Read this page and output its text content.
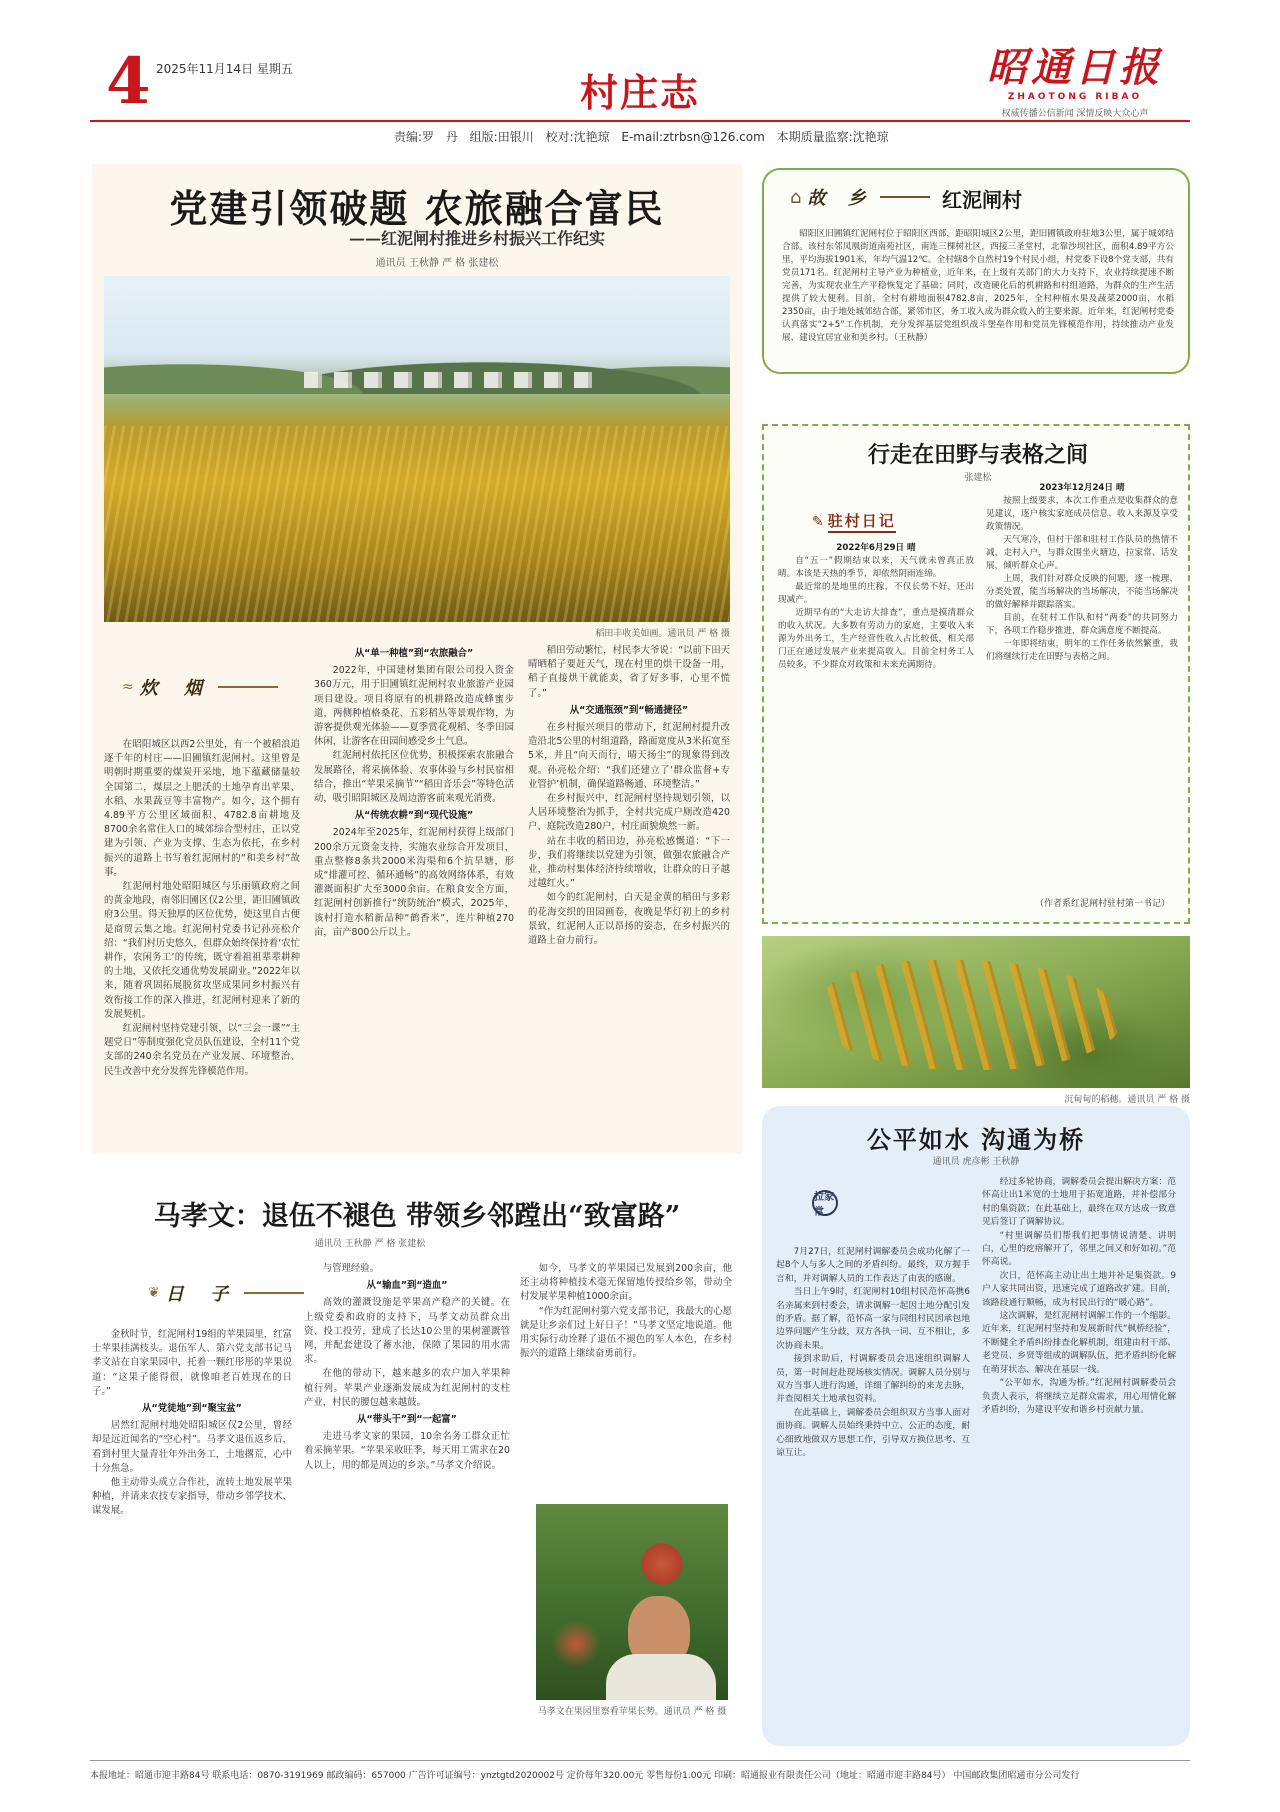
4 2025年11月14日 星期五
村庄志
昭通日报
ZHAOTONG RIBAO
权威传播公信新闻 深情反映大众心声
责编:罗 丹 组版:田银川 校对:沈艳琼 E-mail:ztrbsn@126.com 本期质量监察:沈艳琼
党建引领破题 农旅融合富民
——红泥闸村推进乡村振兴工作纪实
通讯员 王秋静 严 格 张建松
稻田丰收美如画。通讯员 严 格 摄
≈ 炊 烟

在昭阳城区以西2公里处，有一个被稻浪追逐千年的村庄——旧圃镇红泥闸村。这里曾是明朝时期重要的煤炭开采地，地下蕴藏储量较全国第二，煤层之上肥沃的土地孕育出苹果、水稻、水果蔬豆等丰富物产。如今，这个拥有4.89平方公里区域面积、4782.8亩耕地及8700余名常住人口的城郊综合型村庄，正以党建为引领、产业为支撑、生态为依托，在乡村振兴的道路上书写着红泥闸村的“和美乡村”故事。

红泥闸村地处昭阳城区与乐丽镇政府之间的黄金地段，南邻旧圃区仅2公里，距旧圃镇政府3公里。得天独厚的区位优势，使这里自古便是商贸云集之地。红泥闸村党委书记孙亮松介绍：“我们村历史悠久，但群众始终保持着‘农忙耕作，农闲务工’的传统，既守着祖祖辈辈耕种的土地，又依托交通优势发展副业。”2022年以来，随着巩固拓展脱贫攻坚成果同乡村振兴有效衔接工作的深入推进，红泥闸村迎来了新的发展契机。

红泥闸村坚持党建引领，以“三会一课”“主题党日”等制度强化党员队伍建设，全村11个党支部的240余名党员在产业发展、环境整治、民生改善中充分发挥先锋模范作用。

从“单一种植”到“农旅融合”

2022年，中国建材集团有限公司投入资金360万元，用于旧圃镇红泥闸村农业旅游产业园项目建设。项目将原有的机耕路改造成蜂蜜步道，两侧种植格桑花、五彩稻丛等景观作物，为游客提供观光体验——夏季赏花观稻、冬季田园休闲，让游客在田园间感受乡土气息。

红泥闸村依托区位优势，积极探索农旅融合发展路径，将采摘体验、农事体验与乡村民宿相结合，推出“苹果采摘节”“稻田音乐会”等特色活动，吸引昭阳城区及周边游客前来观光消费。

从“传统农耕”到“现代设施”

2024年至2025年，红泥闸村获得上级部门200余万元资金支持，实施农业综合开发项目，重点整修8条共2000米沟渠和6个抗旱塘，形成“排灌可控、循环通畅”的高效网络体系，有效灌溉面积扩大至3000余亩。在粮食安全方面，红泥闸村创新推行“统防统治”模式，2025年，该村打造水稻新品种“鹤香米”，连片种植270亩，亩产800公斤以上。

稻田劳动繁忙，村民李大爷说：“以前下田天晴晒稻子要赶天气，现在村里的烘干设备一用，稻子直接烘干就能卖，省了好多事，心里不慌了。”

从“交通瓶颈”到“畅通捷径”

在乡村振兴项目的带动下，红泥闸村提升改造沿北5公里的村组道路，路面宽度从3米拓宽至5米，并且“向天而行，晴天扬尘”的现象得到改观。孙亮松介绍：“我们还建立了‘群众监督+专业管护’机制，确保道路畅通、环境整洁。”

在乡村振兴中，红泥闸村坚持规划引领，以人居环境整治为抓手，全村共完成户厕改造420户、庭院改造280户，村庄面貌焕然一新。

站在丰收的稻田边，孙亮松感慨道：“下一步，我们将继续以党建为引领，做强农旅融合产业，推动村集体经济持续增收，让群众的日子越过越红火。”

如今的红泥闸村，白天是金黄的稻田与多彩的花海交织的田园画卷，夜晚是华灯初上的乡村景致，红泥闸人正以昂扬的姿态，在乡村振兴的道路上奋力前行。

⌂ 故 乡	红泥闸村

昭阳区旧圃镇红泥闸村位于昭阳区西部，距昭阳城区2公里，距旧圃镇政府驻地3公里，属于城郊结合部。该村东邻凤凰街道南苑社区，南连三棵树社区，西接三圣堂村，北靠沙坝社区，面积4.89平方公里，平均海拔1901米，年均气温12℃。全村辖8个自然村19个村民小组，村党委下设8个党支部，共有党员171名。红泥闸村主导产业为种植业，近年来，在上级有关部门的大力支持下，农业持续提速不断完善，为实现农业生产平稳恢复定了基础；同时，改造硬化后的机耕路和村组道路，为群众的生产生活提供了较大便利。目前，全村有耕地面积4782.8亩，2025年，全村种植水果及蔬菜2000亩，水稻2350亩，由于地处城郊结合部，紧邻市区，务工收入成为群众收入的主要来源。近年来，红泥闸村党委认真落实“2+5”工作机制，充分发挥基层党组织战斗堡垒作用和党员先锋模范作用，持续推动产业发展、建设宜居宜业和美乡村。（王秋静）

行走在田野与表格之间
张建松
✎ 驻村日记

2022年6月29日 晴

自“五一”假期结束以来，天气就未曾真正放晴。本该是天热的季节，却依然阴雨连绵。

最近常的是地里的庄稼，不仅长势不好，还出现减产。

近期早有的“大走访大排查”，重点是摸清群众的收入状况。大多数有劳动力的家庭，主要收入来源为外出务工，生产经营性收入占比较低，相关部门正在通过发展产业来提高收入。目前全村务工人员较多，不少群众对政策和未来充满期待。

2023年12月24日 晴

按照上级要求，本次工作重点是收集群众的意见建议，逐户核实家庭成员信息、收入来源及享受政策情况。

天气寒冷，但村干部和驻村工作队员的热情不减，走村入户，与群众围坐火塘边，拉家常、话发展，倾听群众心声。

上周，我们针对群众反映的问题，逐一梳理、分类处置，能当场解决的当场解决，不能当场解决的做好解释并跟踪落实。

目前，在驻村工作队和村“两委”的共同努力下，各项工作稳步推进，群众满意度不断提高。

一年即将结束，明年的工作任务依然繁重，我们将继续行走在田野与表格之间。

（作者系红泥闸村驻村第一书记）
沉甸甸的稻穗。通讯员 严 格 摄
公平如水 沟通为桥
通讯员 虎彦彬 王秋静
拉家常

7月27日，红泥闸村调解委员会成功化解了一起8个人与多人之间的矛盾纠纷。最终，双方握手言和，并对调解人员的工作表达了由衷的感谢。

当日上午9时，红泥闸村10组村民范怀高携6名亲属来到村委会，请求调解一起因土地分配引发的矛盾。据了解，范怀高一家与同组村民因承包地边界问题产生分歧，双方各执一词、互不相让，多次协商未果。

接到求助后，村调解委员会迅速组织调解人员，第一时间赶赴现场核实情况。调解人员分别与双方当事人进行沟通，详细了解纠纷的来龙去脉，并查阅相关土地承包资料。

在此基础上，调解委员会组织双方当事人面对面协商。调解人员始终秉持中立、公正的态度，耐心细致地做双方思想工作，引导双方换位思考、互谅互让。

经过多轮协商，调解委员会提出解决方案：范怀高让出1米宽的土地用于拓宽道路，并补偿部分村的集资款；在此基础上，最终在双方达成一致意见后签订了调解协议。

“村里调解员们帮我们把事情说清楚、讲明白，心里的疙瘩解开了，邻里之间又和好如初。”范怀高说。

次日，范怀高主动让出土地并补足集资款。9户人家共同出资，迅速完成了道路改扩建。目前，该路段通行顺畅，成为村民出行的“暖心路”。

这次调解，是红泥闸村调解工作的一个缩影。近年来，红泥闸村坚持和发展新时代“枫桥经验”，不断健全矛盾纠纷排查化解机制，组建由村干部、老党员、乡贤等组成的调解队伍，把矛盾纠纷化解在萌芽状态、解决在基层一线。

“公平如水，沟通为桥。”红泥闸村调解委员会负责人表示，将继续立足群众需求，用心用情化解矛盾纠纷，为建设平安和谐乡村贡献力量。

马孝文：退伍不褪色 带领乡邻蹚出“致富路”
通讯员 王秋静 严 格 张建松
❦ 日 子

金秋时节，红泥闸村19组的苹果园里，红富士苹果挂满枝头。退伍军人、第六党支部书记马孝文站在自家果园中，托着一颗红彤彤的苹果说道：“这果子能得很，就像咱老百姓现在的日子。”

从“党徒地”到“聚宝盆”

居然红泥闸村地处昭阳城区仅2公里，曾经却是远近闻名的“空心村”。马孝文退伍返乡后，看到村里大量青壮年外出务工，土地撂荒，心中十分焦急。

他主动带头成立合作社，流转土地发展苹果种植，并请来农技专家指导，带动乡邻学技术、谋发展。

与管理经验。

从“输血”到“造血”

高效的灌溉设施是苹果高产稳产的关键。在上级党委和政府的支持下，马孝文动员群众出资、投工投劳，建成了长达10公里的果树灌溉管网，并配套建设了蓄水池，保障了果园的用水需求。

在他的带动下，越来越多的农户加入苹果种植行列。苹果产业逐渐发展成为红泥闸村的支柱产业，村民的腰包越来越鼓。

从“带头干”到“一起富”

走进马孝文家的果园，10余名务工群众正忙着采摘苹果。“苹果采收旺季，每天用工需求在20人以上，用的都是周边的乡亲。”马孝文介绍说。

如今，马孝文的苹果园已发展到200余亩，他还主动将种植技术毫无保留地传授给乡邻，带动全村发展苹果种植1000余亩。

“作为红泥闸村第六党支部书记，我最大的心愿就是让乡亲们过上好日子！”马孝文坚定地说道。他用实际行动诠释了退伍不褪色的军人本色，在乡村振兴的道路上继续奋勇前行。

马孝文在果园里察看苹果长势。通讯员 严 格 摄
本报地址：昭通市迎丰路84号 联系电话：0870-3191969 邮政编码：657000 广告许可证编号：ynztgtd2020002号 定价每年320.00元 零售每份1.00元 印刷：昭通报业有限责任公司（地址：昭通市迎丰路84号） 中国邮政集团昭通市分公司发行
